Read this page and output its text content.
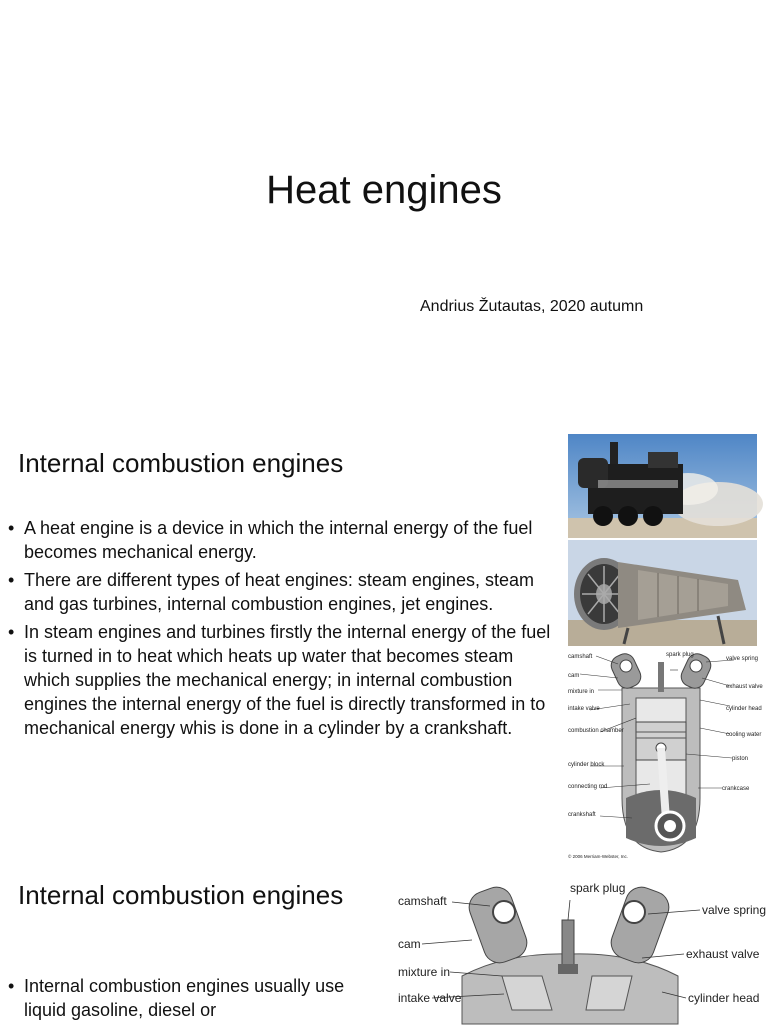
Heat engines
Andrius Žutautas, 2020 autumn
Internal combustion engines
• A heat engine is a device in which the internal energy of the fuel becomes mechanical energy.
• There are different types of heat engines: steam engines, steam and gas turbines, internal combustion engines, jet engines.
• In steam engines and turbines firstly the internal energy of the fuel is turned in to heat which heats up water that becomes steam which supplies the mechanical energy; in internal combustion engines the internal energy of the fuel is directly transformed in to mechanical energy whis is done in a cylinder by a crankshaft.
camshaft
cam
mixture in
intake valve
combustion chamber
cylinder block
connecting rod
crankshaft
spark plug
valve spring
exhaust valve
cylinder head
cooling water
piston
crankcase
© 2006 Merriam-Webster, Inc.
Internal combustion engines
• Internal combustion engines usually use liquid gasoline, diesel or
camshaft
cam
mixture in
intake valve
spark plug
valve spring
exhaust valve
cylinder head
